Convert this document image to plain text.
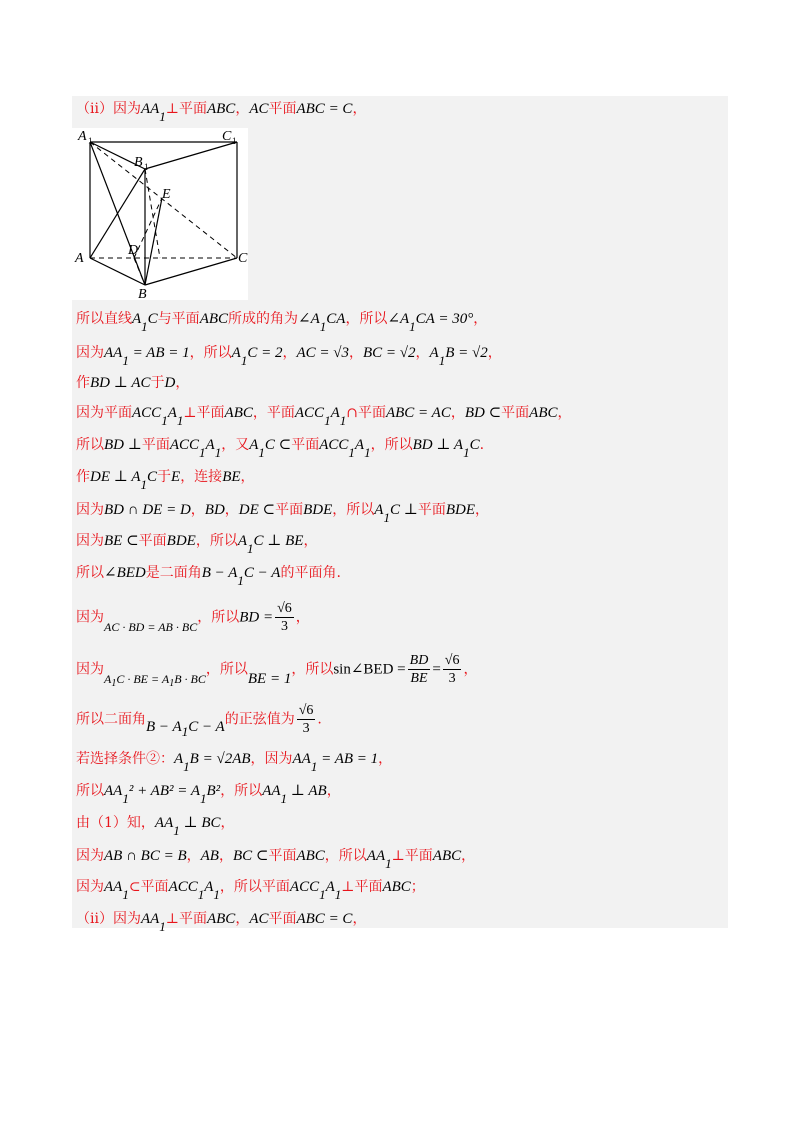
（ii）因为AA1⊥平面ABC，AC平面ABC = C，
A 1	C 1
B 1
E
D
A	C
B
所以直线A1C与平面ABC所成的角为∠A1CA，所以∠A1CA = 30°，
因为AA1 = AB = 1，所以A1C = 2，AC = √3，BC = √2，A1B = √2，
作BD ⊥ AC于D，
因为平面ACC1A1⊥平面ABC，平面ACC1A1∩平面ABC = AC，BD ⊂平面ABC，
所以BD ⊥平面ACC1A1，又A1C ⊂平面ACC1A1，所以BD ⊥ A1C.
作DE ⊥ A1C于E，连接BE，
因为BD ∩ DE = D，BD，DE ⊂平面BDE，所以A1C ⊥平面BDE，
因为BE ⊂平面BDE，所以A1C ⊥ BE，
所以∠BED是二面角B − A1C − A的平面角.
因为AC · BD = AB · BC，所以BD = $\frac{√6}{3}$ ，
因为$A_1C$ · BE = $A_1B$ · BC，所以BE = 1，所以sin∠BED = $\frac{BD}{BE} = \frac{√6}{3}$ ，
所以二面角B − A1C − A的正弦值为 $\frac{√6}{3}$ .
若选择条件②：A1B = √2AB，因为AA1 = AB = 1，
所以AA1² + AB² = A1B²，所以AA1 ⊥ AB，
由（1）知，AA1 ⊥ BC，
因为AB ∩ BC = B，AB，BC ⊂平面ABC，所以AA1⊥平面ABC，
因为AA1⊂平面ACC1A1，所以平面ACC1A1⊥平面ABC；
（ii）因为AA1⊥平面ABC，AC平面ABC = C，
